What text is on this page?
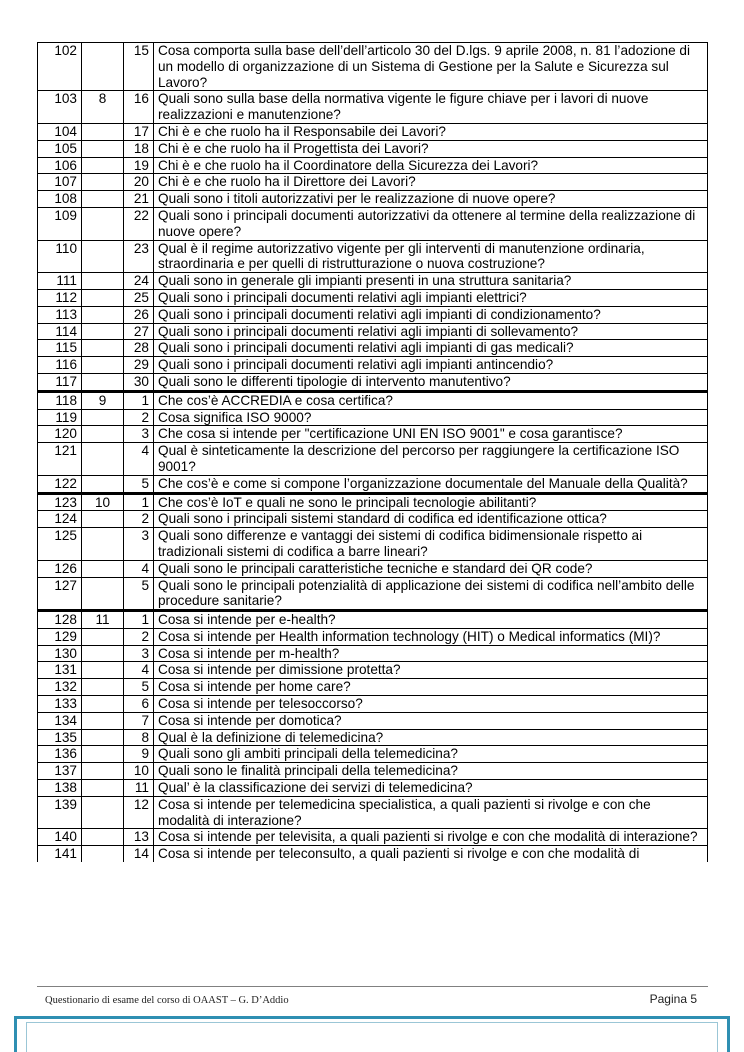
102		15	Cosa comporta sulla base dell’dell’articolo 30 del D.lgs. 9 aprile 2008, n. 81 l’adozione di un modello di organizzazione di un Sistema di Gestione per la Salute e Sicurezza sul Lavoro?
103	8	16	Quali sono sulla base della normativa vigente le figure chiave per i lavori di nuove realizzazioni e manutenzione?
104		17	Chi è e che ruolo ha il Responsabile dei Lavori?
105		18	Chi è e che ruolo ha il Progettista dei Lavori?
106		19	Chi è e che ruolo ha il Coordinatore della Sicurezza dei Lavori?
107		20	Chi è e che ruolo ha il Direttore dei Lavori?
108		21	Quali sono i titoli autorizzativi per le realizzazione di nuove opere?
109		22	Quali sono i principali documenti autorizzativi da ottenere al termine della realizzazione di nuove opere?
110		23	Qual è il regime autorizzativo vigente per gli interventi di manutenzione ordinaria, straordinaria e per quelli di ristrutturazione o nuova costruzione?
111		24	Quali sono in generale gli impianti presenti in una struttura sanitaria?
112		25	Quali sono i principali documenti relativi agli impianti elettrici?
113		26	Quali sono i principali documenti relativi agli impianti di condizionamento?
114		27	Quali sono i principali documenti relativi agli impianti di sollevamento?
115		28	Quali sono i principali documenti relativi agli impianti di gas medicali?
116		29	Quali sono i principali documenti relativi agli impianti antincendio?
117		30	Quali sono le differenti tipologie di intervento manutentivo?
118	9	1	Che cos’è ACCREDIA e cosa certifica?
119		2	Cosa significa ISO 9000?
120		3	Che cosa si intende per "certificazione UNI EN ISO 9001" e cosa garantisce?
121		4	Qual è sinteticamente la descrizione del percorso per raggiungere la certificazione ISO 9001?
122		5	Che cos’è e come si compone l’organizzazione documentale del Manuale della Qualità?
123	10	1	Che cos’è IoT e quali ne sono le principali tecnologie abilitanti?
124		2	Quali sono i principali sistemi standard di codifica ed identificazione ottica?
125		3	Quali sono differenze e vantaggi dei sistemi di codifica bidimensionale rispetto ai tradizionali sistemi di codifica a barre lineari?
126		4	Quali sono le principali caratteristiche tecniche e standard dei QR code?
127		5	Quali sono le principali potenzialità di applicazione dei sistemi di codifica nell’ambito delle procedure sanitarie?
128	11	1	Cosa si intende per e-health?
129		2	Cosa si intende per Health information technology (HIT) o Medical informatics (MI)?
130		3	Cosa si intende per m-health?
131		4	Cosa si intende per dimissione protetta?
132		5	Cosa si intende per home care?
133		6	Cosa si intende per telesoccorso?
134		7	Cosa si intende per domotica?
135		8	Qual è la definizione di telemedicina?
136		9	Quali sono gli ambiti principali della telemedicina?
137		10	Quali sono le finalità principali della telemedicina?
138		11	Qual’ è la classificazione dei servizi di telemedicina?
139		12	Cosa si intende per telemedicina specialistica, a quali pazienti si rivolge e con che modalità di interazione?
140		13	Cosa si intende per televisita, a quali pazienti si rivolge e con che modalità di interazione?
141		14	Cosa si intende per teleconsulto, a quali pazienti si rivolge e con che modalità di
Questionario di esame del corso di OAAST – G. D’Addio	Pagina 5
